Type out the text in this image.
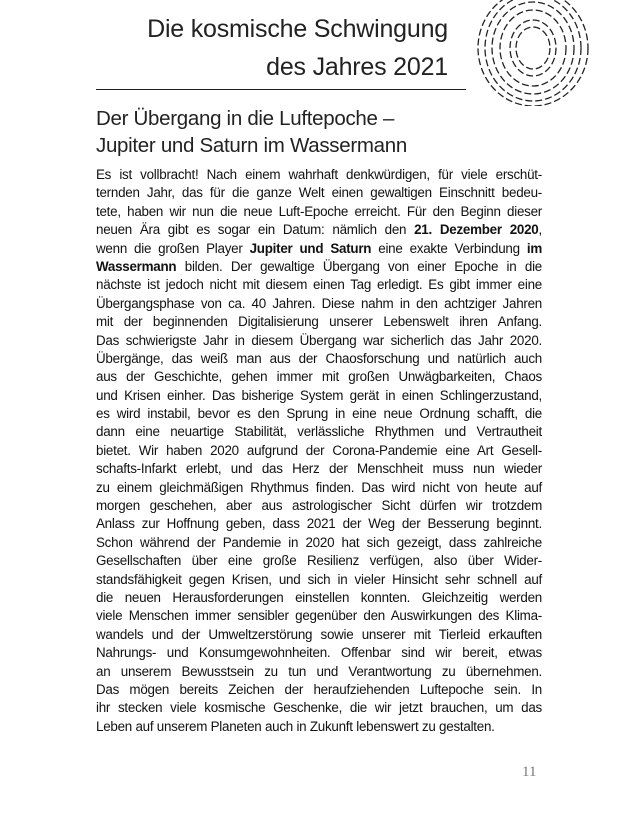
Die kosmische Schwingung
des Jahres 2021
Der Übergang in die Luftepoche –
Jupiter und Saturn im Wassermann
Es ist vollbracht! Nach einem wahrhaft denkwürdigen, für viele erschüt-
ternden Jahr, das für die ganze Welt einen gewaltigen Einschnitt bedeu-
tete, haben wir nun die neue Luft-Epoche erreicht. Für den Beginn dieser
neuen Ära gibt es sogar ein Datum: nämlich den 21. Dezember 2020,
wenn die großen Player Jupiter und Saturn eine exakte Verbindung im
Wassermann bilden. Der gewaltige Übergang von einer Epoche in die
nächste ist jedoch nicht mit diesem einen Tag erledigt. Es gibt immer eine
Übergangsphase von ca. 40 Jahren. Diese nahm in den achtziger Jahren
mit der beginnenden Digitalisierung unserer Lebenswelt ihren Anfang.
Das schwierigste Jahr in diesem Übergang war sicherlich das Jahr 2020.
Übergänge, das weiß man aus der Chaosforschung und natürlich auch
aus der Geschichte, gehen immer mit großen Unwägbarkeiten, Chaos
und Krisen einher. Das bisherige System gerät in einen Schlingerzustand,
es wird instabil, bevor es den Sprung in eine neue Ordnung schafft, die
dann eine neuartige Stabilität, verlässliche Rhythmen und Vertrautheit
bietet. Wir haben 2020 aufgrund der Corona-Pandemie eine Art Gesell-
schafts-Infarkt erlebt, und das Herz der Menschheit muss nun wieder
zu einem gleichmäßigen Rhythmus finden. Das wird nicht von heute auf
morgen geschehen, aber aus astrologischer Sicht dürfen wir trotzdem
Anlass zur Hoffnung geben, dass 2021 der Weg der Besserung beginnt.
Schon während der Pandemie in 2020 hat sich gezeigt, dass zahlreiche
Gesellschaften über eine große Resilienz verfügen, also über Wider-
standsfähigkeit gegen Krisen, und sich in vieler Hinsicht sehr schnell auf
die neuen Herausforderungen einstellen konnten. Gleichzeitig werden
viele Menschen immer sensibler gegenüber den Auswirkungen des Klima-
wandels und der Umweltzerstörung sowie unserer mit Tierleid erkauften
Nahrungs- und Konsumgewohnheiten. Offenbar sind wir bereit, etwas
an unserem Bewusstsein zu tun und Verantwortung zu übernehmen.
Das mögen bereits Zeichen der heraufziehenden Luftepoche sein. In
ihr stecken viele kosmische Geschenke, die wir jetzt brauchen, um das
Leben auf unserem Planeten auch in Zukunft lebenswert zu gestalten.
11
